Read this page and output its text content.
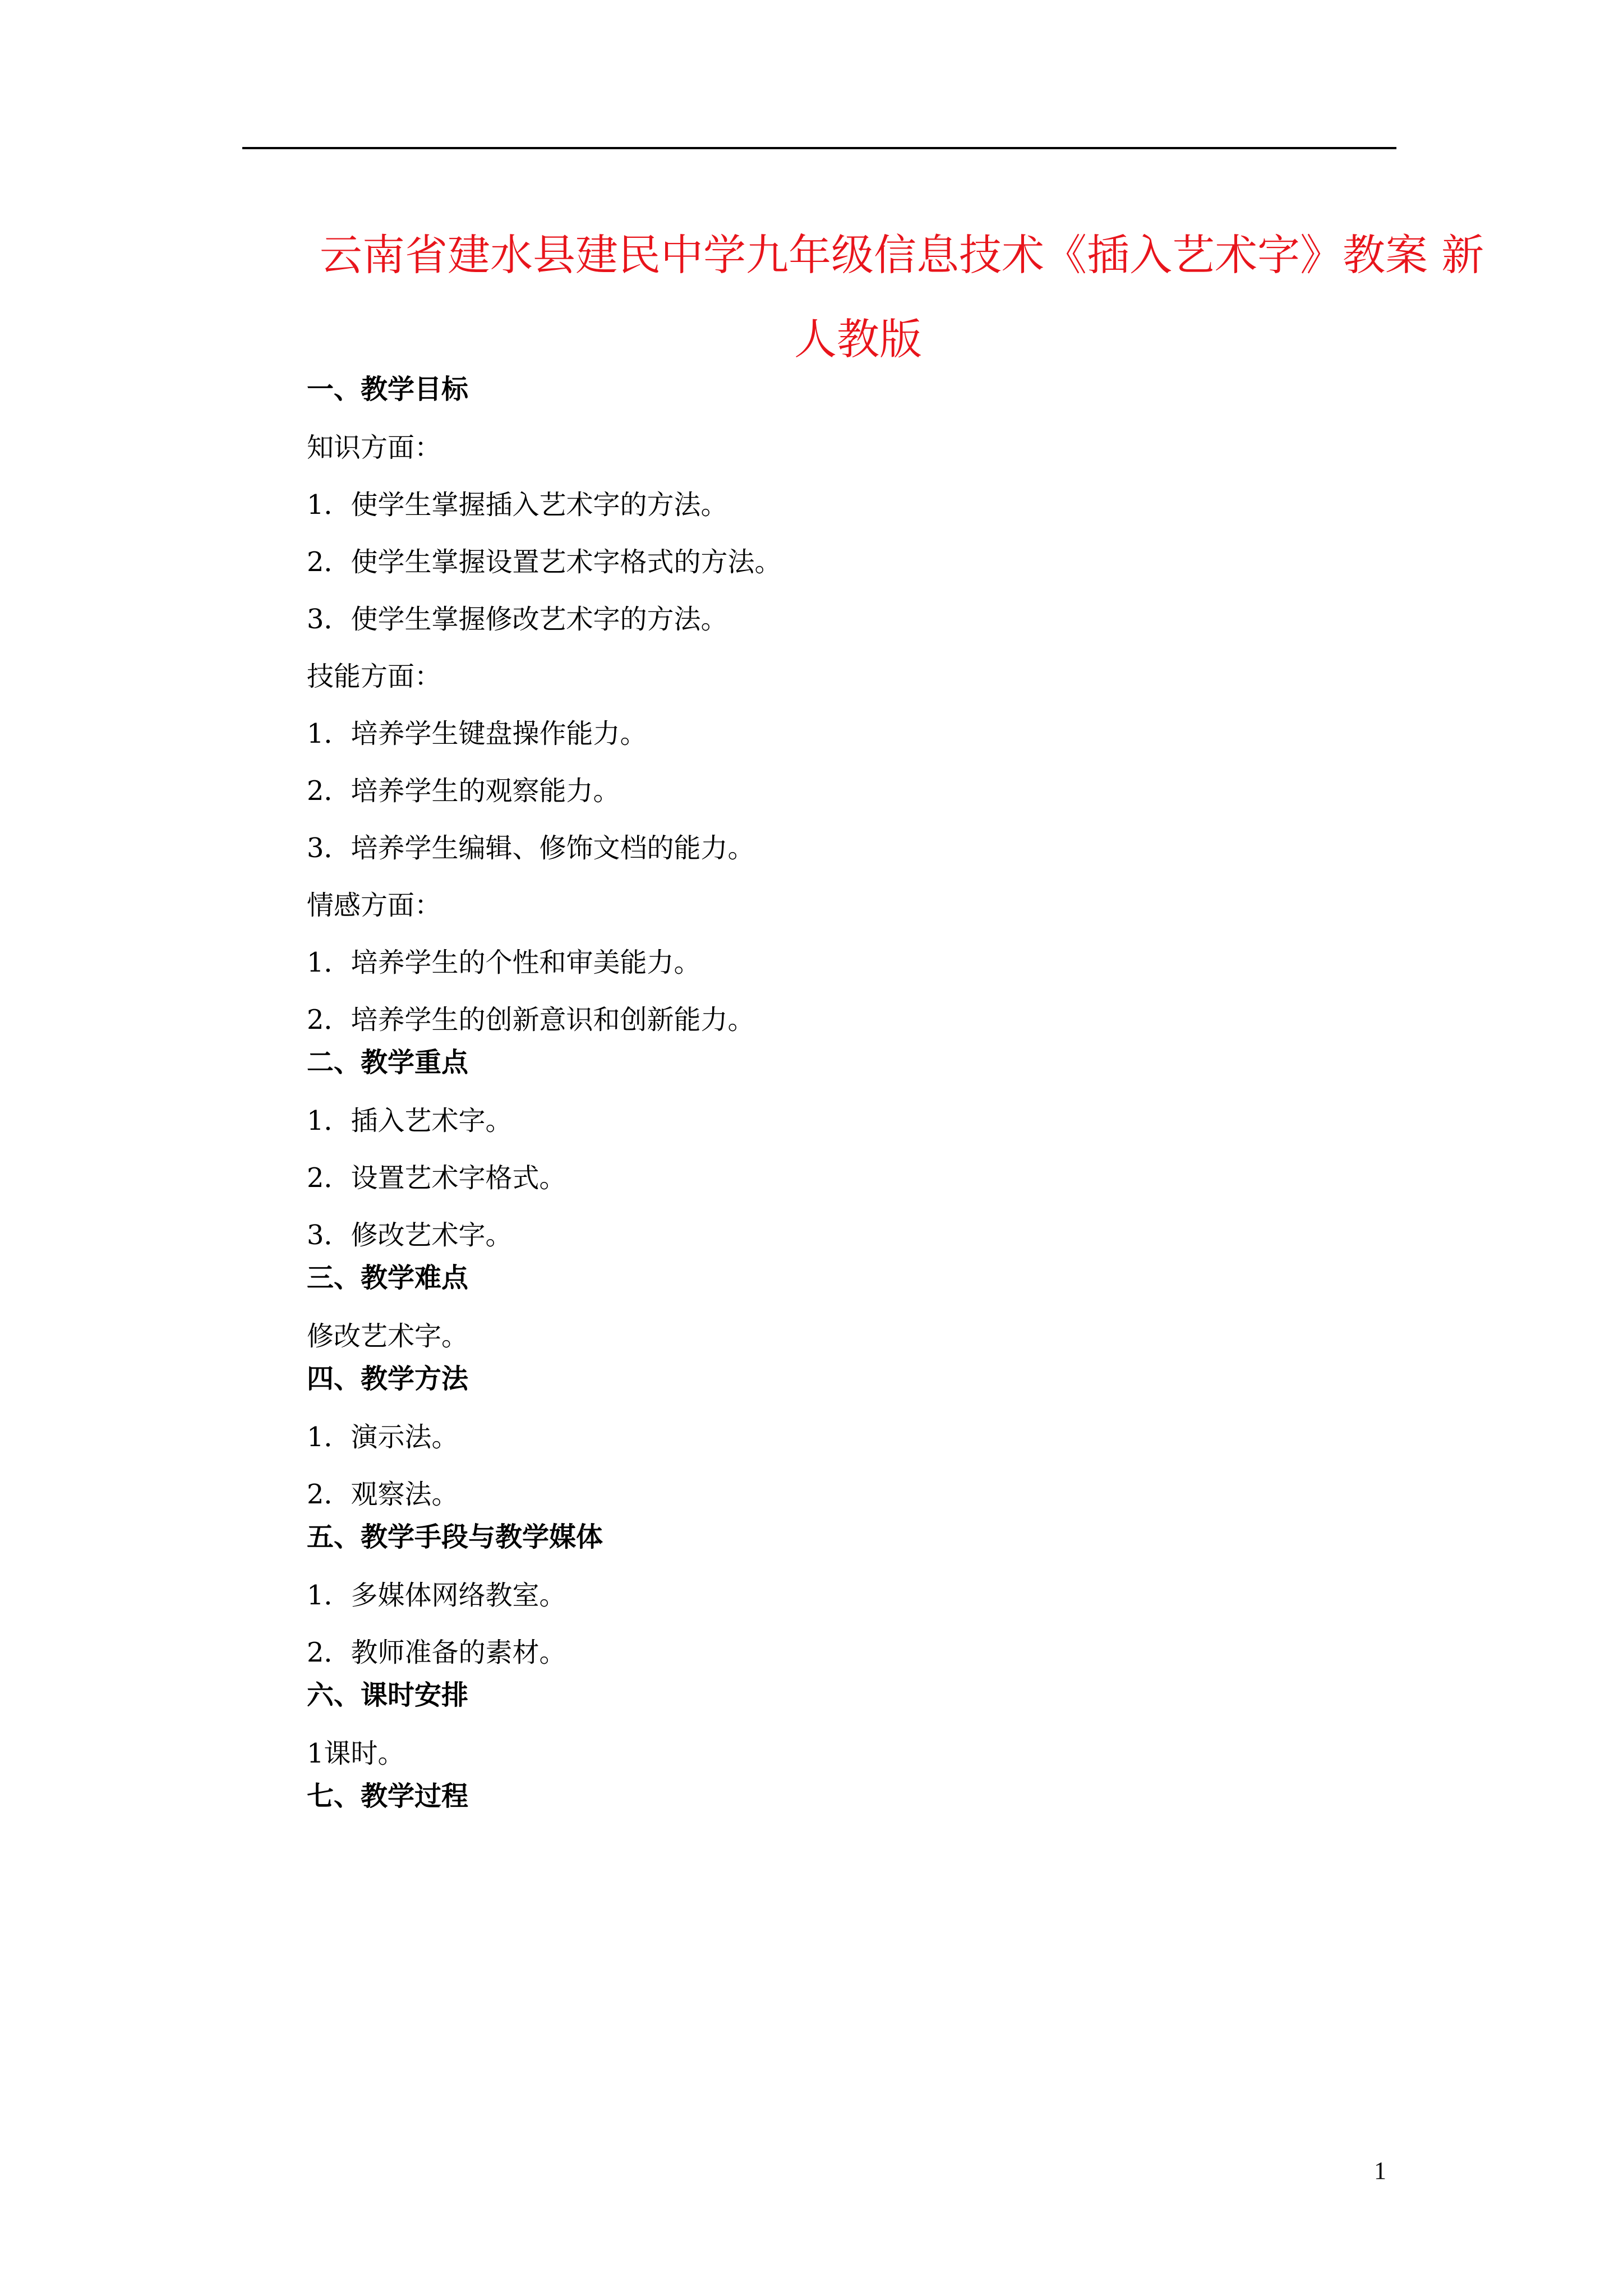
云南省建水县建民中学九年级信息技术《插入艺术字》教案 新
人教版

一、教学目标

知识方面：

1．使学生掌握插入艺术字的方法。

2．使学生掌握设置艺术字格式的方法。

3．使学生掌握修改艺术字的方法。

技能方面：

1．培养学生键盘操作能力。

2．培养学生的观察能力。

3．培养学生编辑、修饰文档的能力。

情感方面：

1．培养学生的个性和审美能力。

2．培养学生的创新意识和创新能力。

二、教学重点

1．插入艺术字。

2．设置艺术字格式。

3．修改艺术字。

三、教学难点

修改艺术字。

四、教学方法

1．演示法。

2．观察法。

五、教学手段与教学媒体

1．多媒体网络教室。

2．教师准备的素材。

六、课时安排

1课时。

七、教学过程

1
